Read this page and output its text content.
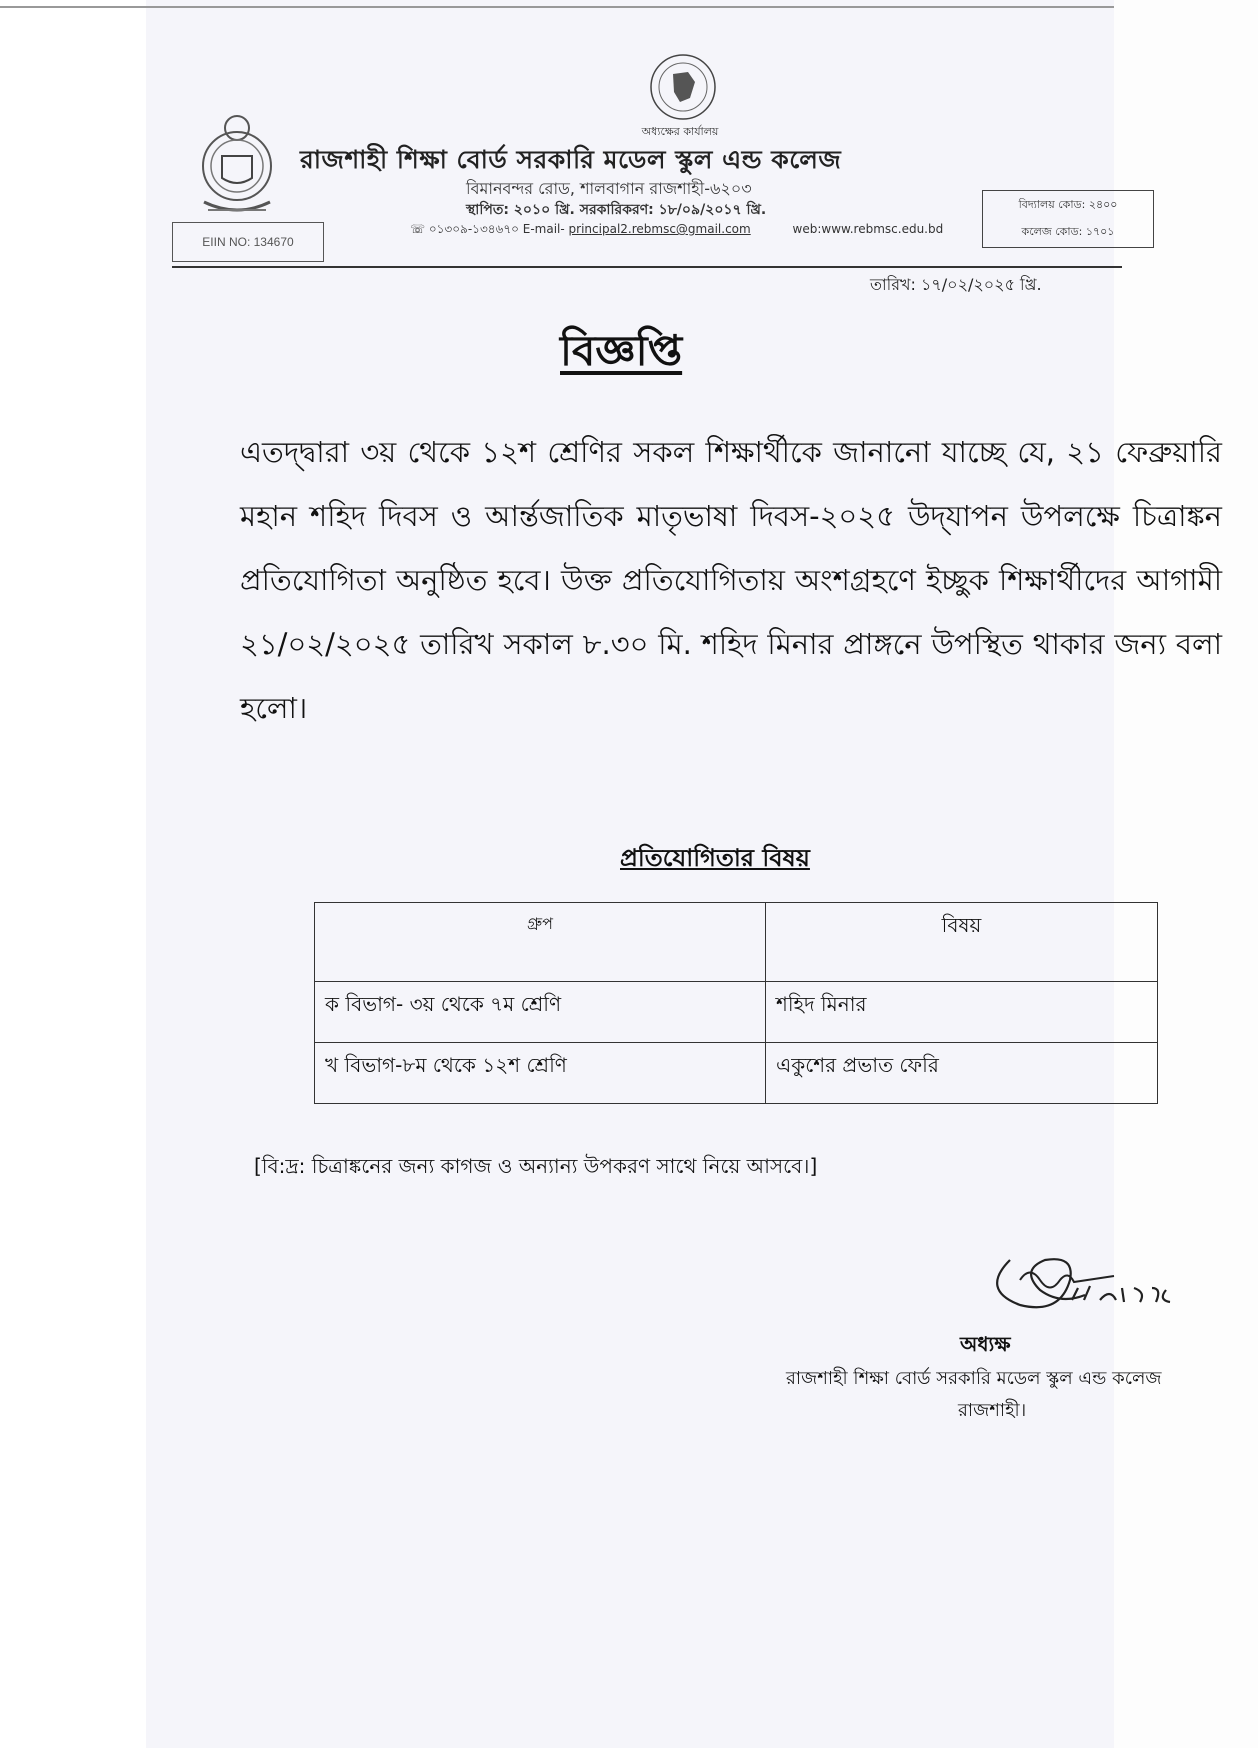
অধ্যক্ষের কার্যালয়
রাজশাহী শিক্ষা বোর্ড সরকারি মডেল স্কুল এন্ড কলেজ
বিমানবন্দর রোড, শালবাগান রাজশাহী-৬২০৩
স্থাপিত: ২০১০ খ্রি. সরকারিকরণ: ১৮/০৯/২০১৭ খ্রি.
☏ ০১৩০৯-১৩৪৬৭০ E-mail- principal2.rebmsc@gmail.com	web:www.rebmsc.edu.bd
EIIN NO: 134670
বিদ্যালয় কোড: ২৪০০
কলেজ কোড: ১৭০১
তারিখ: ১৭/০২/২০২৫ খ্রি.
বিজ্ঞপ্তি
এতদ্দ্বারা ৩য় থেকে ১২শ শ্রেণির সকল শিক্ষার্থীকে জানানো যাচ্ছে যে, ২১ ফেব্রুয়ারি মহান শহিদ দিবস ও আর্ন্তজাতিক মাতৃভাষা দিবস-২০২৫ উদ্‌যাপন উপলক্ষে চিত্রাঙ্কন প্রতিযোগিতা অনুষ্ঠিত হবে। উক্ত প্রতিযোগিতায় অংশগ্রহণে ইচ্ছুক শিক্ষার্থীদের আগামী ২১/০২/২০২৫ তারিখ সকাল ৮.৩০ মি. শহিদ মিনার প্রাঙ্গনে উপস্থিত থাকার জন্য বলা হলো।
প্রতিযোগিতার বিষয়
গ্রুপ	বিষয়
ক বিভাগ- ৩য় থেকে ৭ম শ্রেণি	শহিদ মিনার
খ বিভাগ-৮ম থেকে ১২শ শ্রেণি	একুশের প্রভাত ফেরি
[বি:দ্র: চিত্রাঙ্কনের জন্য কাগজ ও অন্যান্য উপকরণ সাথে নিয়ে আসবে।]
অধ্যক্ষ
রাজশাহী শিক্ষা বোর্ড সরকারি মডেল স্কুল এন্ড কলেজ
রাজশাহী।
